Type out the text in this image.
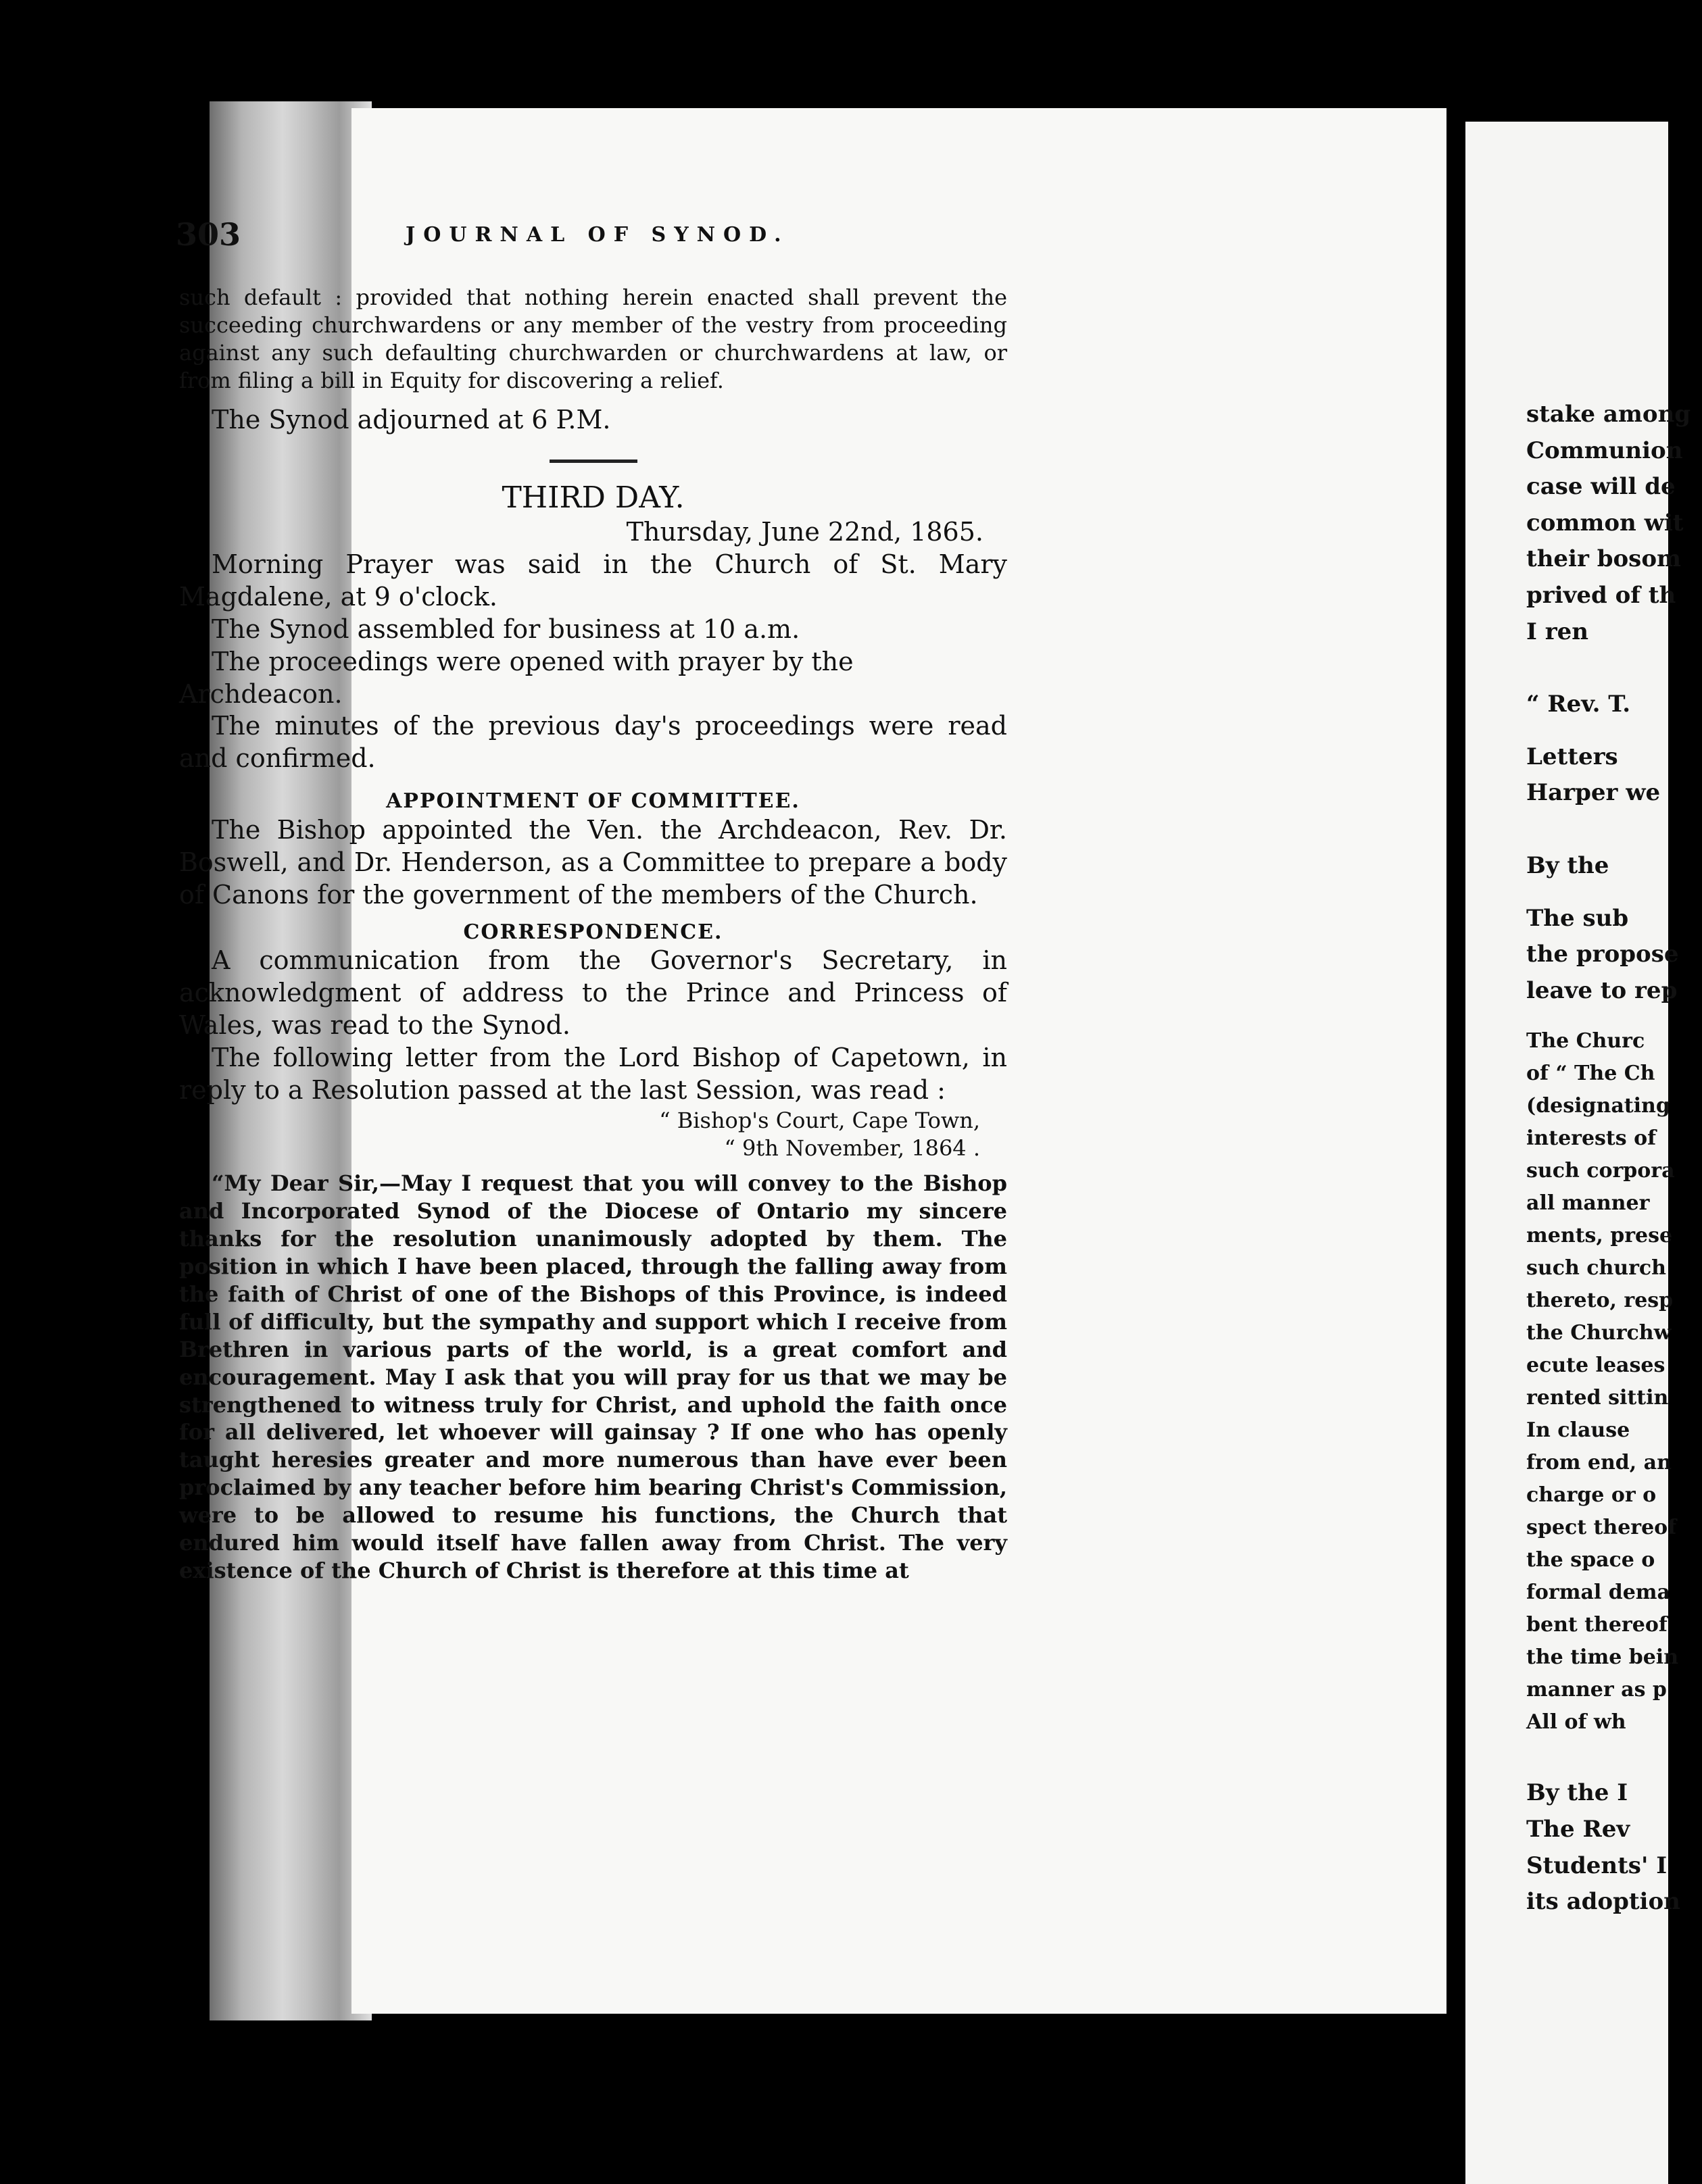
stake among
Communion
case will de
common wit
their bosom
prived of th
I ren
“ Rev. T.
Letters
Harper we
By the
The sub
the propose
leave to rep
The Churc
of “ The Ch
(designating
interests of
such corpora
all manner
ments, prese
such church
thereto, resp
the Churchw
ecute leases
rented sittin
In clause
from end, an
charge or o
spect thereof
the space o
formal dema
bent thereof
the time bein
manner as p
All of wh
By the I
The Rev
Students' I
its adoption
303	JOURNAL OF SYNOD.

such default : provided that nothing herein enacted shall prevent the succeeding churchwardens or any member of the vestry from proceeding against any such defaulting churchwarden or churchwardens at law, or from filing a bill in Equity for discovering a relief.

The Synod adjourned at 6 P.M.

THIRD DAY.

Thursday, June 22nd, 1865.

Morning Prayer was said in the Church of St. Mary Magdalene, at 9 o'clock.

The Synod assembled for business at 10 a.m.

The proceedings were opened with prayer by the Archdeacon.

The minutes of the previous day's proceedings were read and confirmed.

APPOINTMENT OF COMMITTEE.

The Bishop appointed the Ven. the Archdeacon, Rev. Dr. Boswell, and Dr. Henderson, as a Committee to prepare a body of Canons for the government of the members of the Church.

CORRESPONDENCE.

A communication from the Governor's Secretary, in acknowledgment of address to the Prince and Princess of Wales, was read to the Synod.

The following letter from the Lord Bishop of Capetown, in reply to a Resolution passed at the last Session, was read :

“ Bishop's Court, Cape Town,
“ 9th November, 1864 .

“My Dear Sir,—May I request that you will convey to the Bishop and Incorporated Synod of the Diocese of Ontario my sincere thanks for the resolution unanimously adopted by them. The position in which I have been placed, through the falling away from the faith of Christ of one of the Bishops of this Province, is indeed full of difficulty, but the sympathy and support which I receive from Brethren in various parts of the world, is a great comfort and encouragement. May I ask that you will pray for us that we may be strengthened to witness truly for Christ, and uphold the faith once for all delivered, let whoever will gainsay ? If one who has openly taught heresies greater and more numerous than have ever been proclaimed by any teacher before him bearing Christ's Commission, were to be allowed to resume his functions, the Church that endured him would itself have fallen away from Christ. The very existence of the Church of Christ is therefore at this time at
